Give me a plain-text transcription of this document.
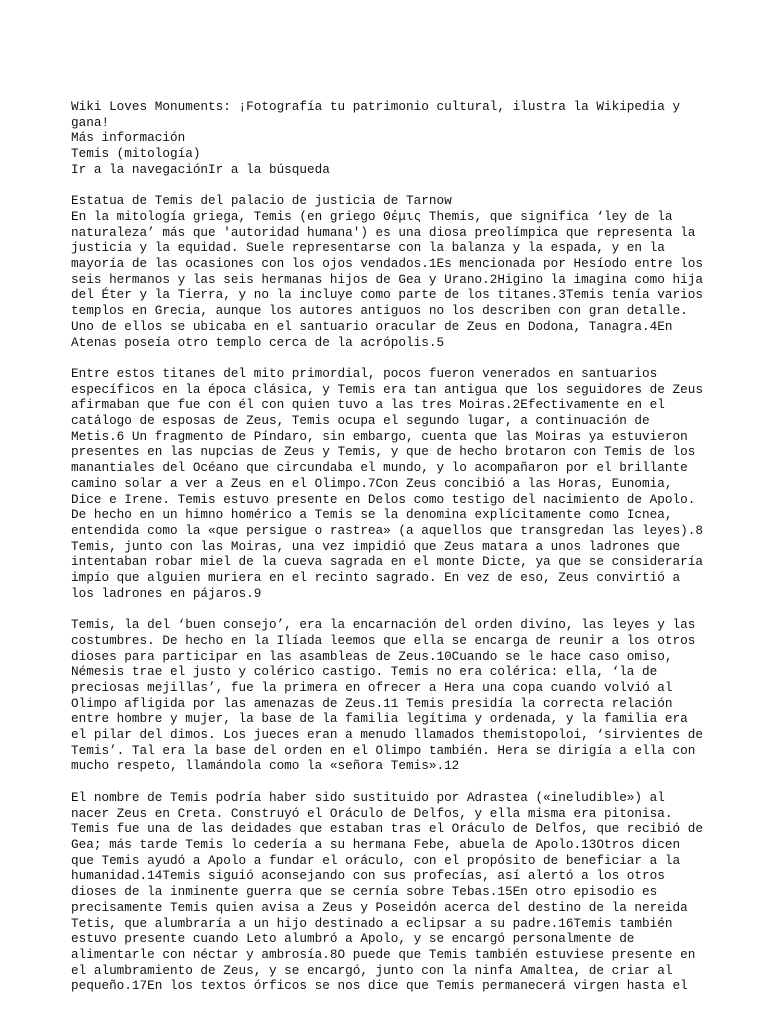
Wiki Loves Monuments: ¡Fotografía tu patrimonio cultural, ilustra la Wikipedia y
gana!
Más información
Temis (mitología)
Ir a la navegaciónIr a la búsqueda
Estatua de Temis del palacio de justicia de Tarnow
En la mitología griega, Temis (en griego Θέμις Themis, que significa ‘ley de la
naturaleza’ más que 'autoridad humana') es una diosa preolímpica que representa la
justicia y la equidad. Suele representarse con la balanza y la espada, y en la
mayoría de las ocasiones con los ojos vendados.1Es mencionada por Hesíodo entre los
seis hermanos y las seis hermanas hijos de Gea y Urano.2Higino la imagina como hija
del Éter y la Tierra, y no la incluye como parte de los titanes.3Temis tenía varios
templos en Grecia, aunque los autores antiguos no los describen con gran detalle.
Uno de ellos se ubicaba en el santuario oracular de Zeus en Dodona, Tanagra.4En
Atenas poseía otro templo cerca de la acrópolis.5
Entre estos titanes del mito primordial, pocos fueron venerados en santuarios
específicos en la época clásica, y Temis era tan antigua que los seguidores de Zeus
afirmaban que fue con él con quien tuvo a las tres Moiras.2Efectivamente en el
catálogo de esposas de Zeus, Temis ocupa el segundo lugar, a continuación de
Metis.6 Un fragmento de Píndaro, sin embargo, cuenta que las Moiras ya estuvieron
presentes en las nupcias de Zeus y Temis, y que de hecho brotaron con Temis de los
manantiales del Océano que circundaba el mundo, y lo acompañaron por el brillante
camino solar a ver a Zeus en el Olimpo.7Con Zeus concibió a las Horas, Eunomia,
Dice e Irene. Temis estuvo presente en Delos como testigo del nacimiento de Apolo.
De hecho en un himno homérico a Temis se la denomina explícitamente como Icnea,
entendida como la «que persigue o rastrea» (a aquellos que transgredan las leyes).8
Temis, junto con las Moiras, una vez impidió que Zeus matara a unos ladrones que
intentaban robar miel de la cueva sagrada en el monte Dicte, ya que se consideraría
impío que alguien muriera en el recinto sagrado. En vez de eso, Zeus convirtió a
los ladrones en pájaros.9
Temis, la del ‘buen consejo’, era la encarnación del orden divino, las leyes y las
costumbres. De hecho en la Ilíada leemos que ella se encarga de reunir a los otros
dioses para participar en las asambleas de Zeus.10Cuando se le hace caso omiso,
Némesis trae el justo y colérico castigo. Temis no era colérica: ella, ‘la de
preciosas mejillas’, fue la primera en ofrecer a Hera una copa cuando volvió al
Olimpo afligida por las amenazas de Zeus.11 Temis presidía la correcta relación
entre hombre y mujer, la base de la familia legítima y ordenada, y la familia era
el pilar del dimos. Los jueces eran a menudo llamados themistopoloi, ‘sirvientes de
Temis’. Tal era la base del orden en el Olimpo también. Hera se dirigía a ella con
mucho respeto, llamándola como la «señora Temis».12
El nombre de Temis podría haber sido sustituido por Adrastea («ineludible») al
nacer Zeus en Creta. Construyó el Oráculo de Delfos, y ella misma era pitonisa.
Temis fue una de las deidades que estaban tras el Oráculo de Delfos, que recibió de
Gea; más tarde Temis lo cedería a su hermana Febe, abuela de Apolo.13Otros dicen
que Temis ayudó a Apolo a fundar el oráculo, con el propósito de beneficiar a la
humanidad.14Temis siguió aconsejando con sus profecías, así alertó a los otros
dioses de la inminente guerra que se cernía sobre Tebas.15En otro episodio es
precisamente Temis quien avisa a Zeus y Poseidón acerca del destino de la nereida
Tetis, que alumbraría a un hijo destinado a eclipsar a su padre.16Temis también
estuvo presente cuando Leto alumbró a Apolo, y se encargó personalmente de
alimentarle con néctar y ambrosía.8O puede que Temis también estuviese presente en
el alumbramiento de Zeus, y se encargó, junto con la ninfa Amaltea, de criar al
pequeño.17En los textos órficos se nos dice que Temis permanecerá virgen hasta el
